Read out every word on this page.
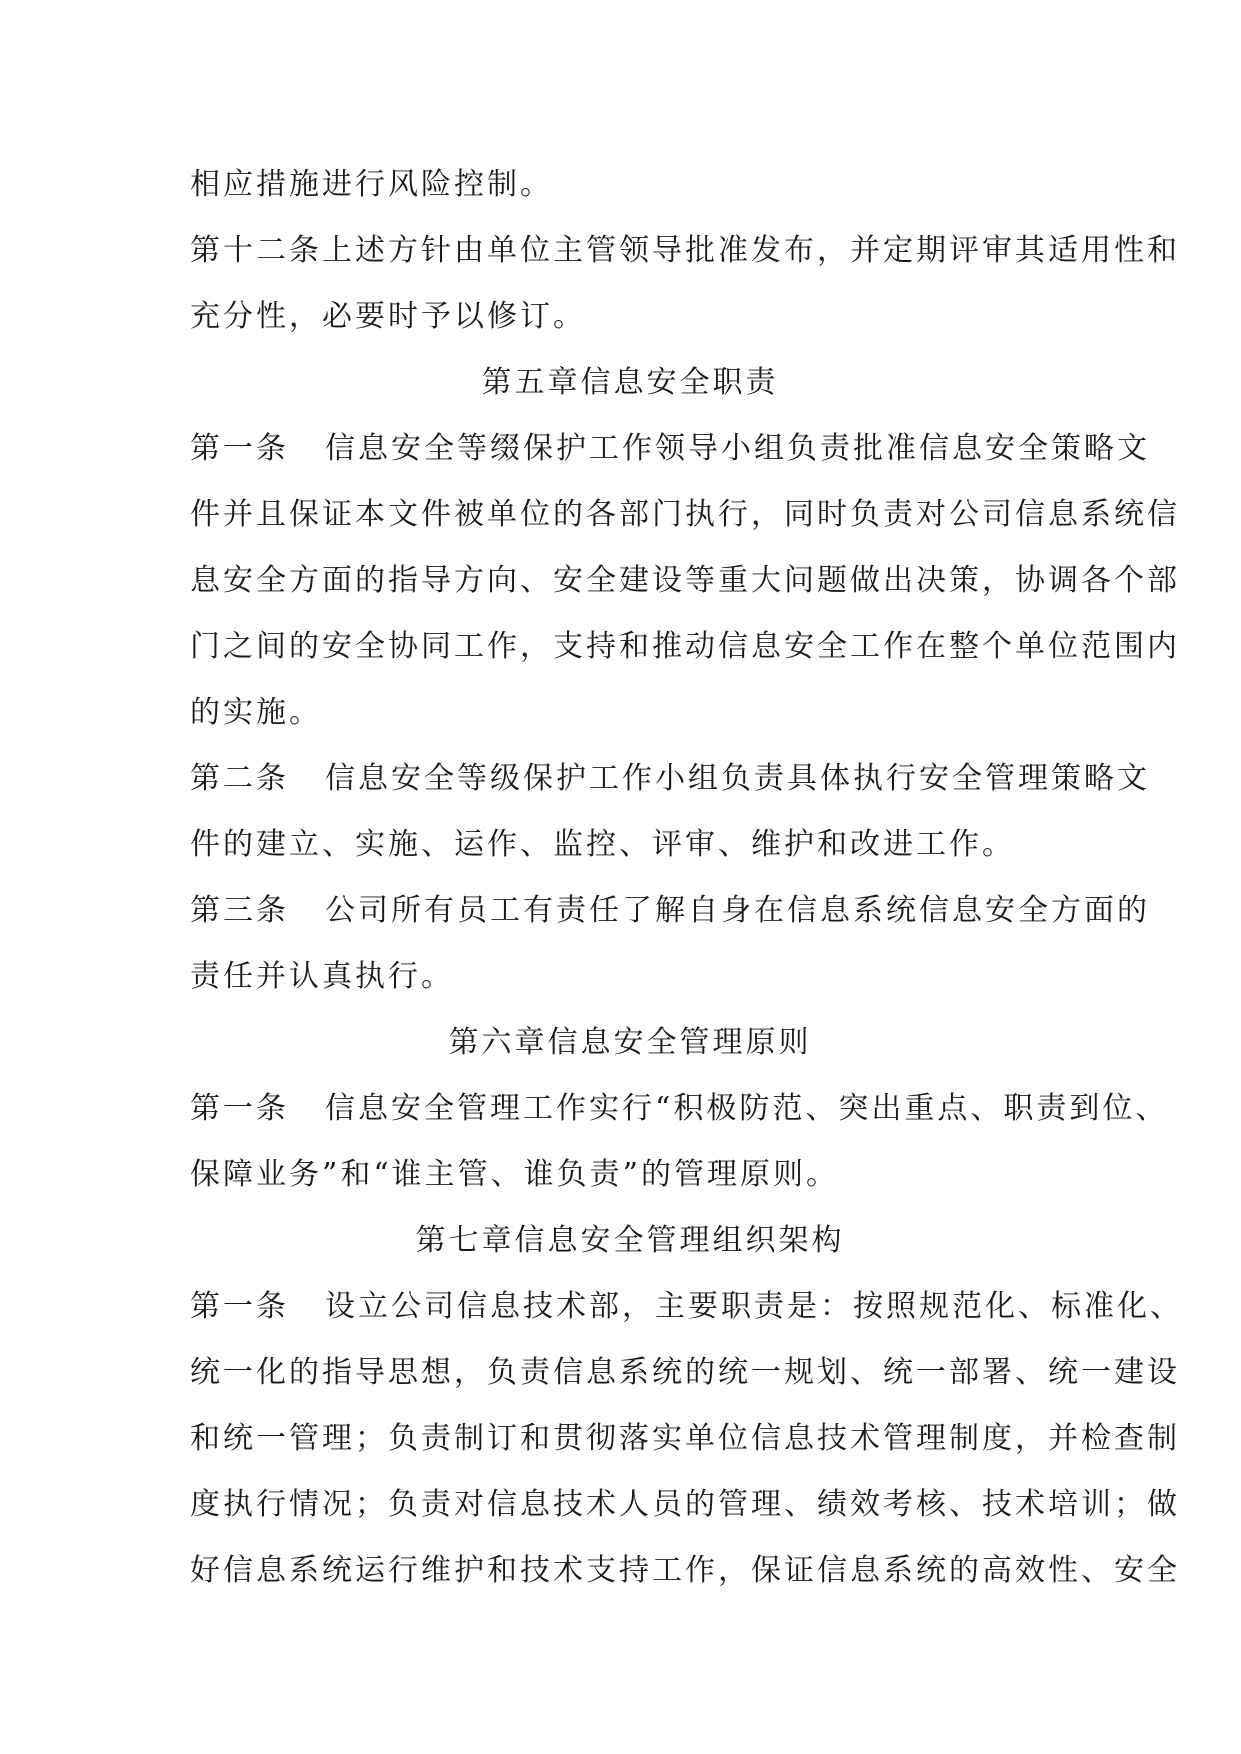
相应措施进行风险控制。
第十二条上述方针由单位主管领导批准发布，并定期评审其适用性和
充分性，必要时予以修订。
第五章信息安全职责
第一条 信息安全等缀保护工作领导小组负责批准信息安全策略文
件并且保证本文件被单位的各部门执行，同时负责对公司信息系统信
息安全方面的指导方向、安全建设等重大问题做出决策，协调各个部
门之间的安全协同工作，支持和推动信息安全工作在整个单位范围内
的实施。
第二条 信息安全等级保护工作小组负责具体执行安全管理策略文
件的建立、实施、运作、监控、评审、维护和改进工作。
第三条 公司所有员工有责任了解自身在信息系统信息安全方面的
责任并认真执行。
第六章信息安全管理原则
第一条 信息安全管理工作实行“积极防范、突出重点、职责到位、
保障业务”和“谁主管、谁负责”的管理原则。
第七章信息安全管理组织架构
第一条 设立公司信息技术部，主要职责是：按照规范化、标准化、
统一化的指导思想，负责信息系统的统一规划、统一部署、统一建设
和统一管理；负责制订和贯彻落实单位信息技术管理制度，并检查制
度执行情况；负责对信息技术人员的管理、绩效考核、技术培训；做
好信息系统运行维护和技术支持工作，保证信息系统的高效性、安全
